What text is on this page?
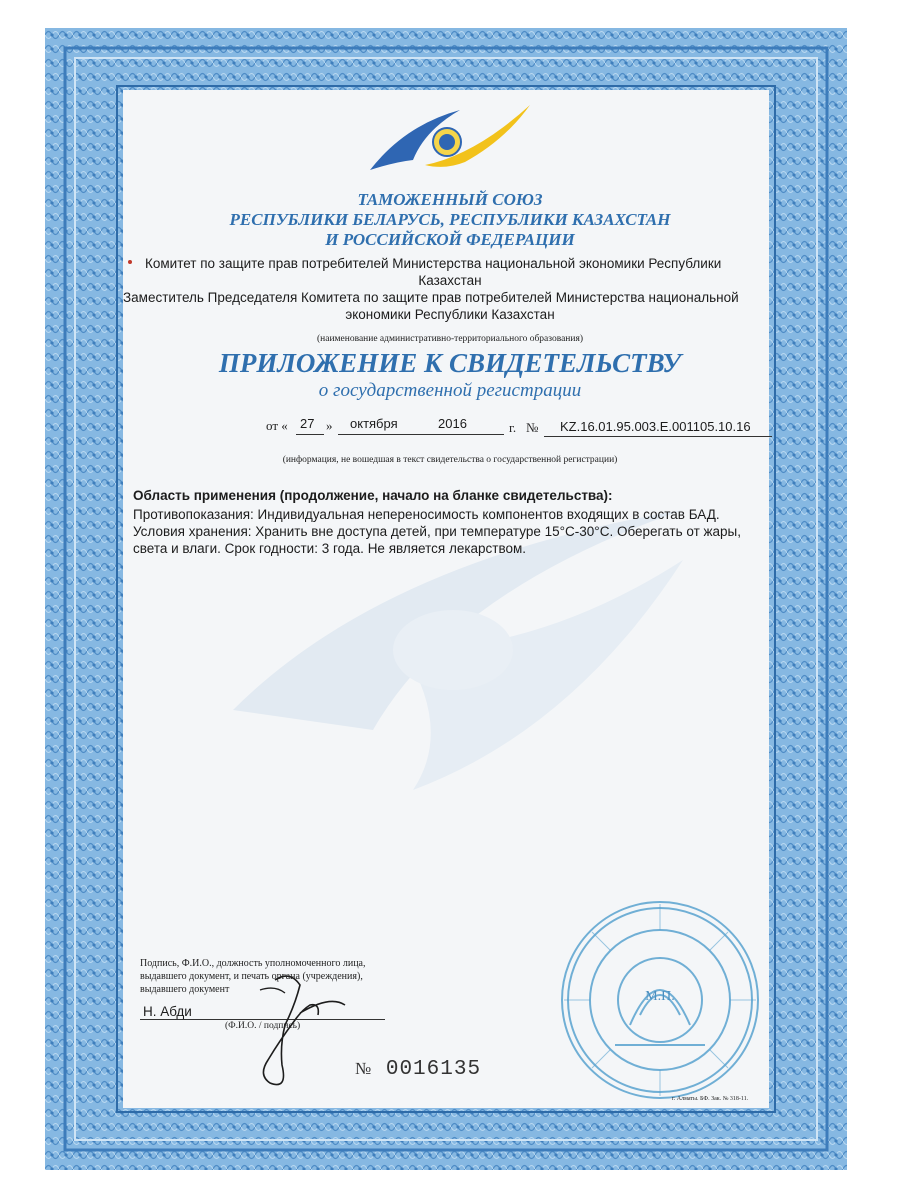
ТАМОЖЕННЫЙ СОЮЗ
РЕСПУБЛИКИ БЕЛАРУСЬ, РЕСПУБЛИКИ КАЗАХСТАН
И РОССИЙСКОЙ ФЕДЕРАЦИИ
Комитет по защите прав потребителей Министерства национальной экономики Республики
Казахстан
Заместитель Председателя Комитета по защите прав потребителей Министерства национальной
экономики Республики Казахстан
(наименование административно-территориального образования)
ПРИЛОЖЕНИЕ К СВИДЕТЕЛЬСТВУ
о государственной регистрации
от « 27 » октября	2016	г. № KZ.16.01.95.003.Е.001105.10.16
(информация, не вошедшая в текст свидетельства о государственной регистрации)
Область применения (продолжение, начало на бланке свидетельства):
Противопоказания: Индивидуальная непереносимость компонентов входящих в состав БАД.
Условия хранения: Хранить вне доступа детей, при температуре 15°С-30°С. Оберегать от жары,
света и влаги. Срок годности: 3 года. Не является лекарством.
Подпись, Ф.И.О., должность уполномоченного лица,
выдавшего документ, и печать органа (учреждения),
выдавшего документ
Н. Абди
(Ф.И.О. / подпись)
М.П.
№ 0016135
г. Алматы. БФ. Зак. № 318-11.
